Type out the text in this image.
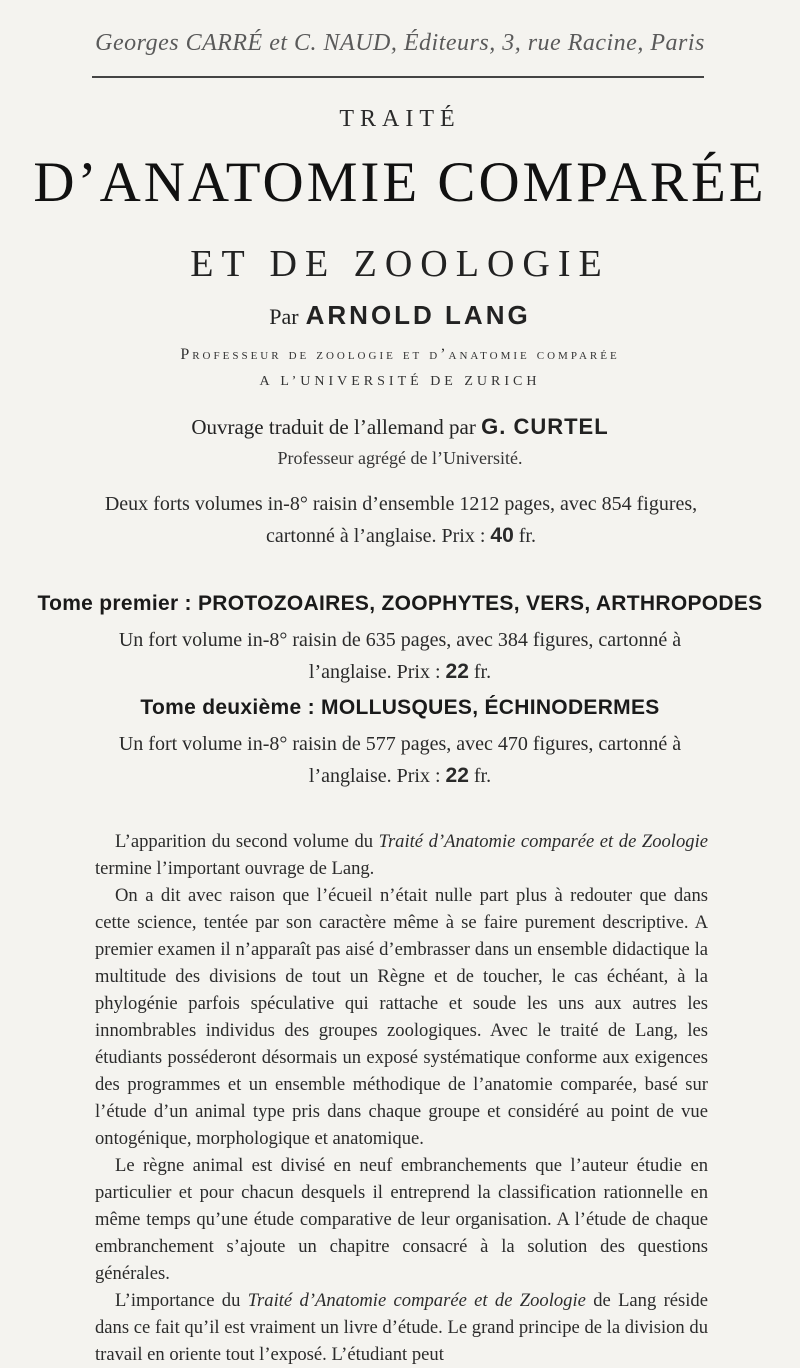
Georges CARRÉ et C. NAUD, Éditeurs, 3, rue Racine, Paris
TRAITÉ
D’ANATOMIE COMPARÉE
ET DE ZOOLOGIE
Par ARNOLD LANG
Professeur de zoologie et d’anatomie comparée
A L’UNIVERSITÉ DE ZURICH
Ouvrage traduit de l’allemand par G. CURTEL
Professeur agrégé de l’Université.
Deux forts volumes in-8° raisin d’ensemble 1212 pages, avec 854 figures, cartonné à l’anglaise. Prix : 40 fr.
Tome premier : PROTOZOAIRES, ZOOPHYTES, VERS, ARTHROPODES
Un fort volume in-8° raisin de 635 pages, avec 384 figures, cartonné à l’anglaise. Prix : 22 fr.
Tome deuxième : MOLLUSQUES, ÉCHINODERMES
Un fort volume in-8° raisin de 577 pages, avec 470 figures, cartonné à l’anglaise. Prix : 22 fr.

L’apparition du second volume du Traité d’Anatomie comparée et de Zoologie termine l’important ouvrage de Lang.

On a dit avec raison que l’écueil n’était nulle part plus à redouter que dans cette science, tentée par son caractère même à se faire purement descriptive. A premier examen il n’apparaît pas aisé d’embrasser dans un ensemble didactique la multitude des divisions de tout un Règne et de toucher, le cas échéant, à la phylogénie parfois spéculative qui rattache et soude les uns aux autres les innombrables individus des groupes zoologiques. Avec le traité de Lang, les étudiants posséderont désormais un exposé systématique conforme aux exigences des programmes et un ensemble méthodique de l’anatomie comparée, basé sur l’étude d’un animal type pris dans chaque groupe et considéré au point de vue ontogénique, morphologique et anatomique.

Le règne animal est divisé en neuf embranchements que l’auteur étudie en particulier et pour chacun desquels il entreprend la classification rationnelle en même temps qu’une étude comparative de leur organisation. A l’étude de chaque embranchement s’ajoute un chapitre consacré à la solution des questions générales.

L’importance du Traité d’Anatomie comparée et de Zoologie de Lang réside dans ce fait qu’il est vraiment un livre d’étude. Le grand principe de la division du travail en oriente tout l’exposé. L’étudiant peut
